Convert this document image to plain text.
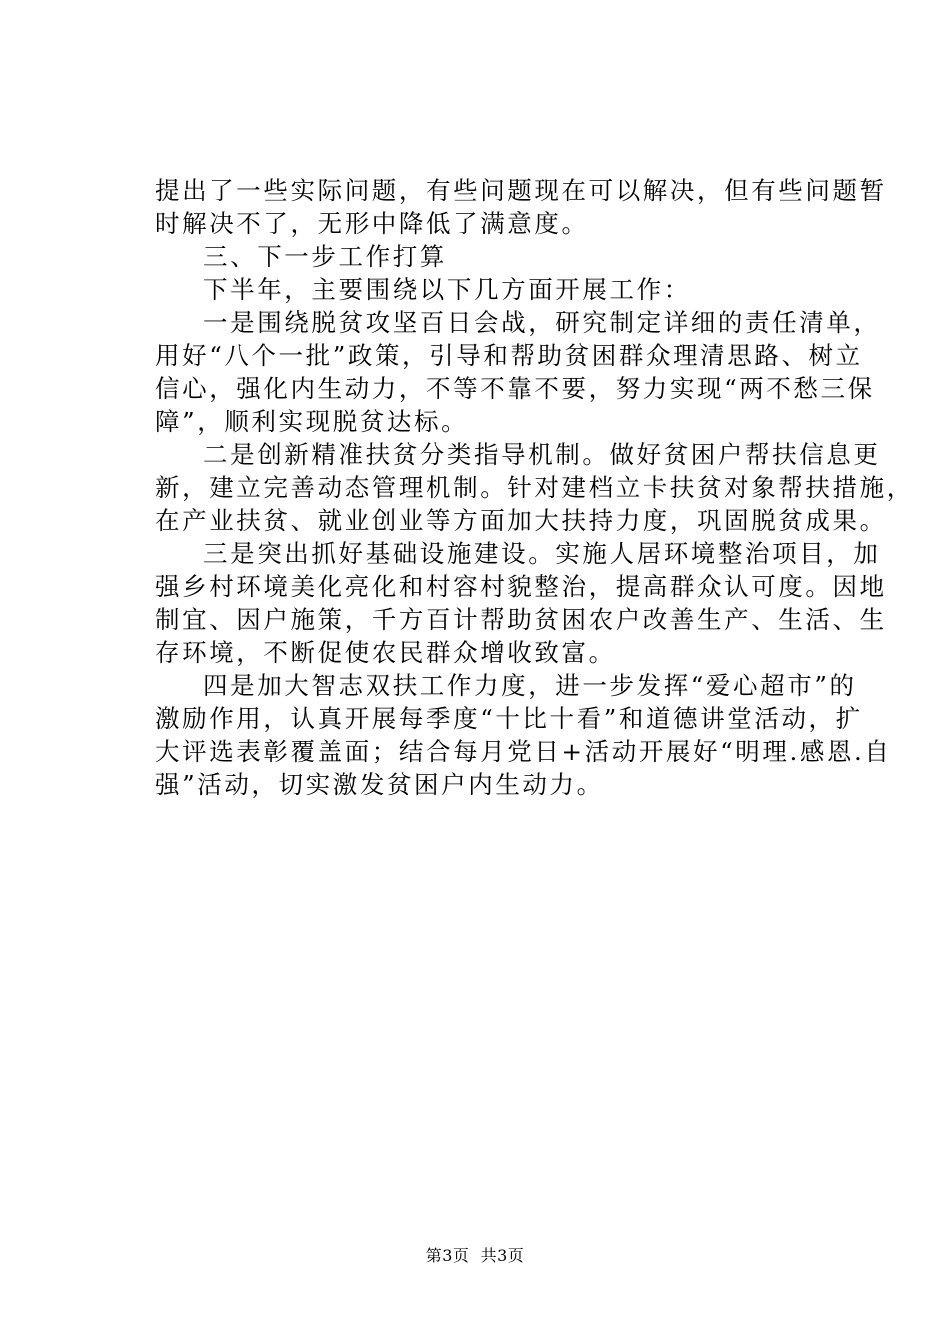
提出了一些实际问题，有些问题现在可以解决，但有些问题暂
时解决不了，无形中降低了满意度。
三、下一步工作打算
下半年，主要围绕以下几方面开展工作：
一是围绕脱贫攻坚百日会战，研究制定详细的责任清单，
用好“八个一批”政策，引导和帮助贫困群众理清思路、树立
信心，强化内生动力，不等不靠不要，努力实现“两不愁三保
障”，顺利实现脱贫达标。
二是创新精准扶贫分类指导机制。做好贫困户帮扶信息更
新，建立完善动态管理机制。针对建档立卡扶贫对象帮扶措施，
在产业扶贫、就业创业等方面加大扶持力度，巩固脱贫成果。
三是突出抓好基础设施建设。实施人居环境整治项目，加
强乡村环境美化亮化和村容村貌整治，提高群众认可度。因地
制宜、因户施策，千方百计帮助贫困农户改善生产、生活、生
存环境，不断促使农民群众增收致富。
四是加大智志双扶工作力度，进一步发挥“爱心超市”的
激励作用，认真开展每季度“十比十看”和道德讲堂活动，扩
大评选表彰覆盖面；结合每月党日+活动开展好“明理.感恩.自
强”活动，切实激发贫困户内生动力。
第3页  共3页
